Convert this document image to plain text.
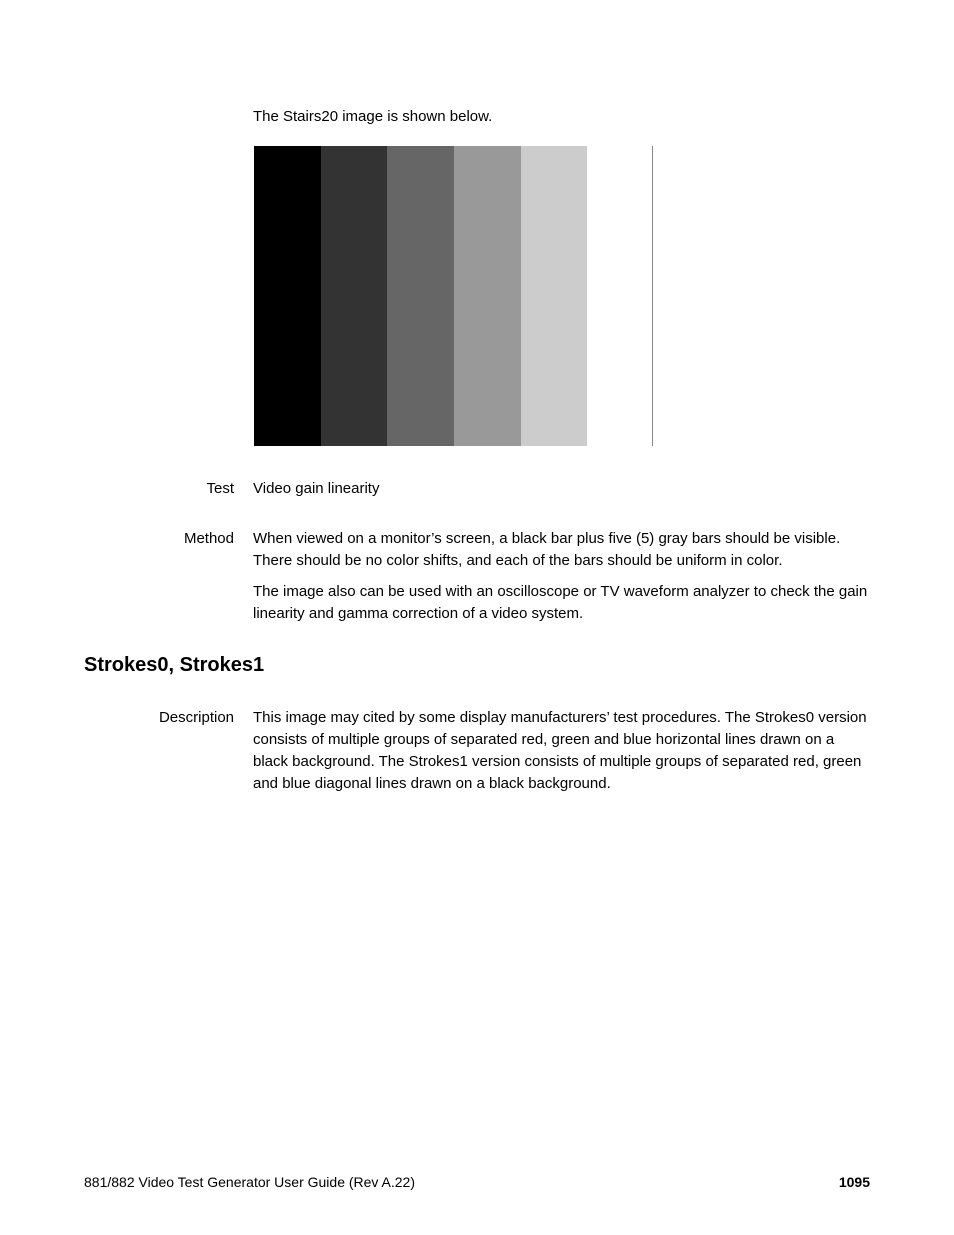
The Stairs20 image is shown below.
Test Video gain linearity
Method When viewed on a monitor’s screen, a black bar plus five (5) gray bars should be visible. There should be no color shifts, and each of the bars should be uniform in color.
The image also can be used with an oscilloscope or TV waveform analyzer to check the gain linearity and gamma correction of a video system.
Strokes0, Strokes1
Description This image may cited by some display manufacturers’ test procedures. The Strokes0 version consists of multiple groups of separated red, green and blue horizontal lines drawn on a black background. The Strokes1 version consists of multiple groups of separated red, green and blue diagonal lines drawn on a black background.
881/882 Video Test Generator User Guide (Rev A.22)	1095
